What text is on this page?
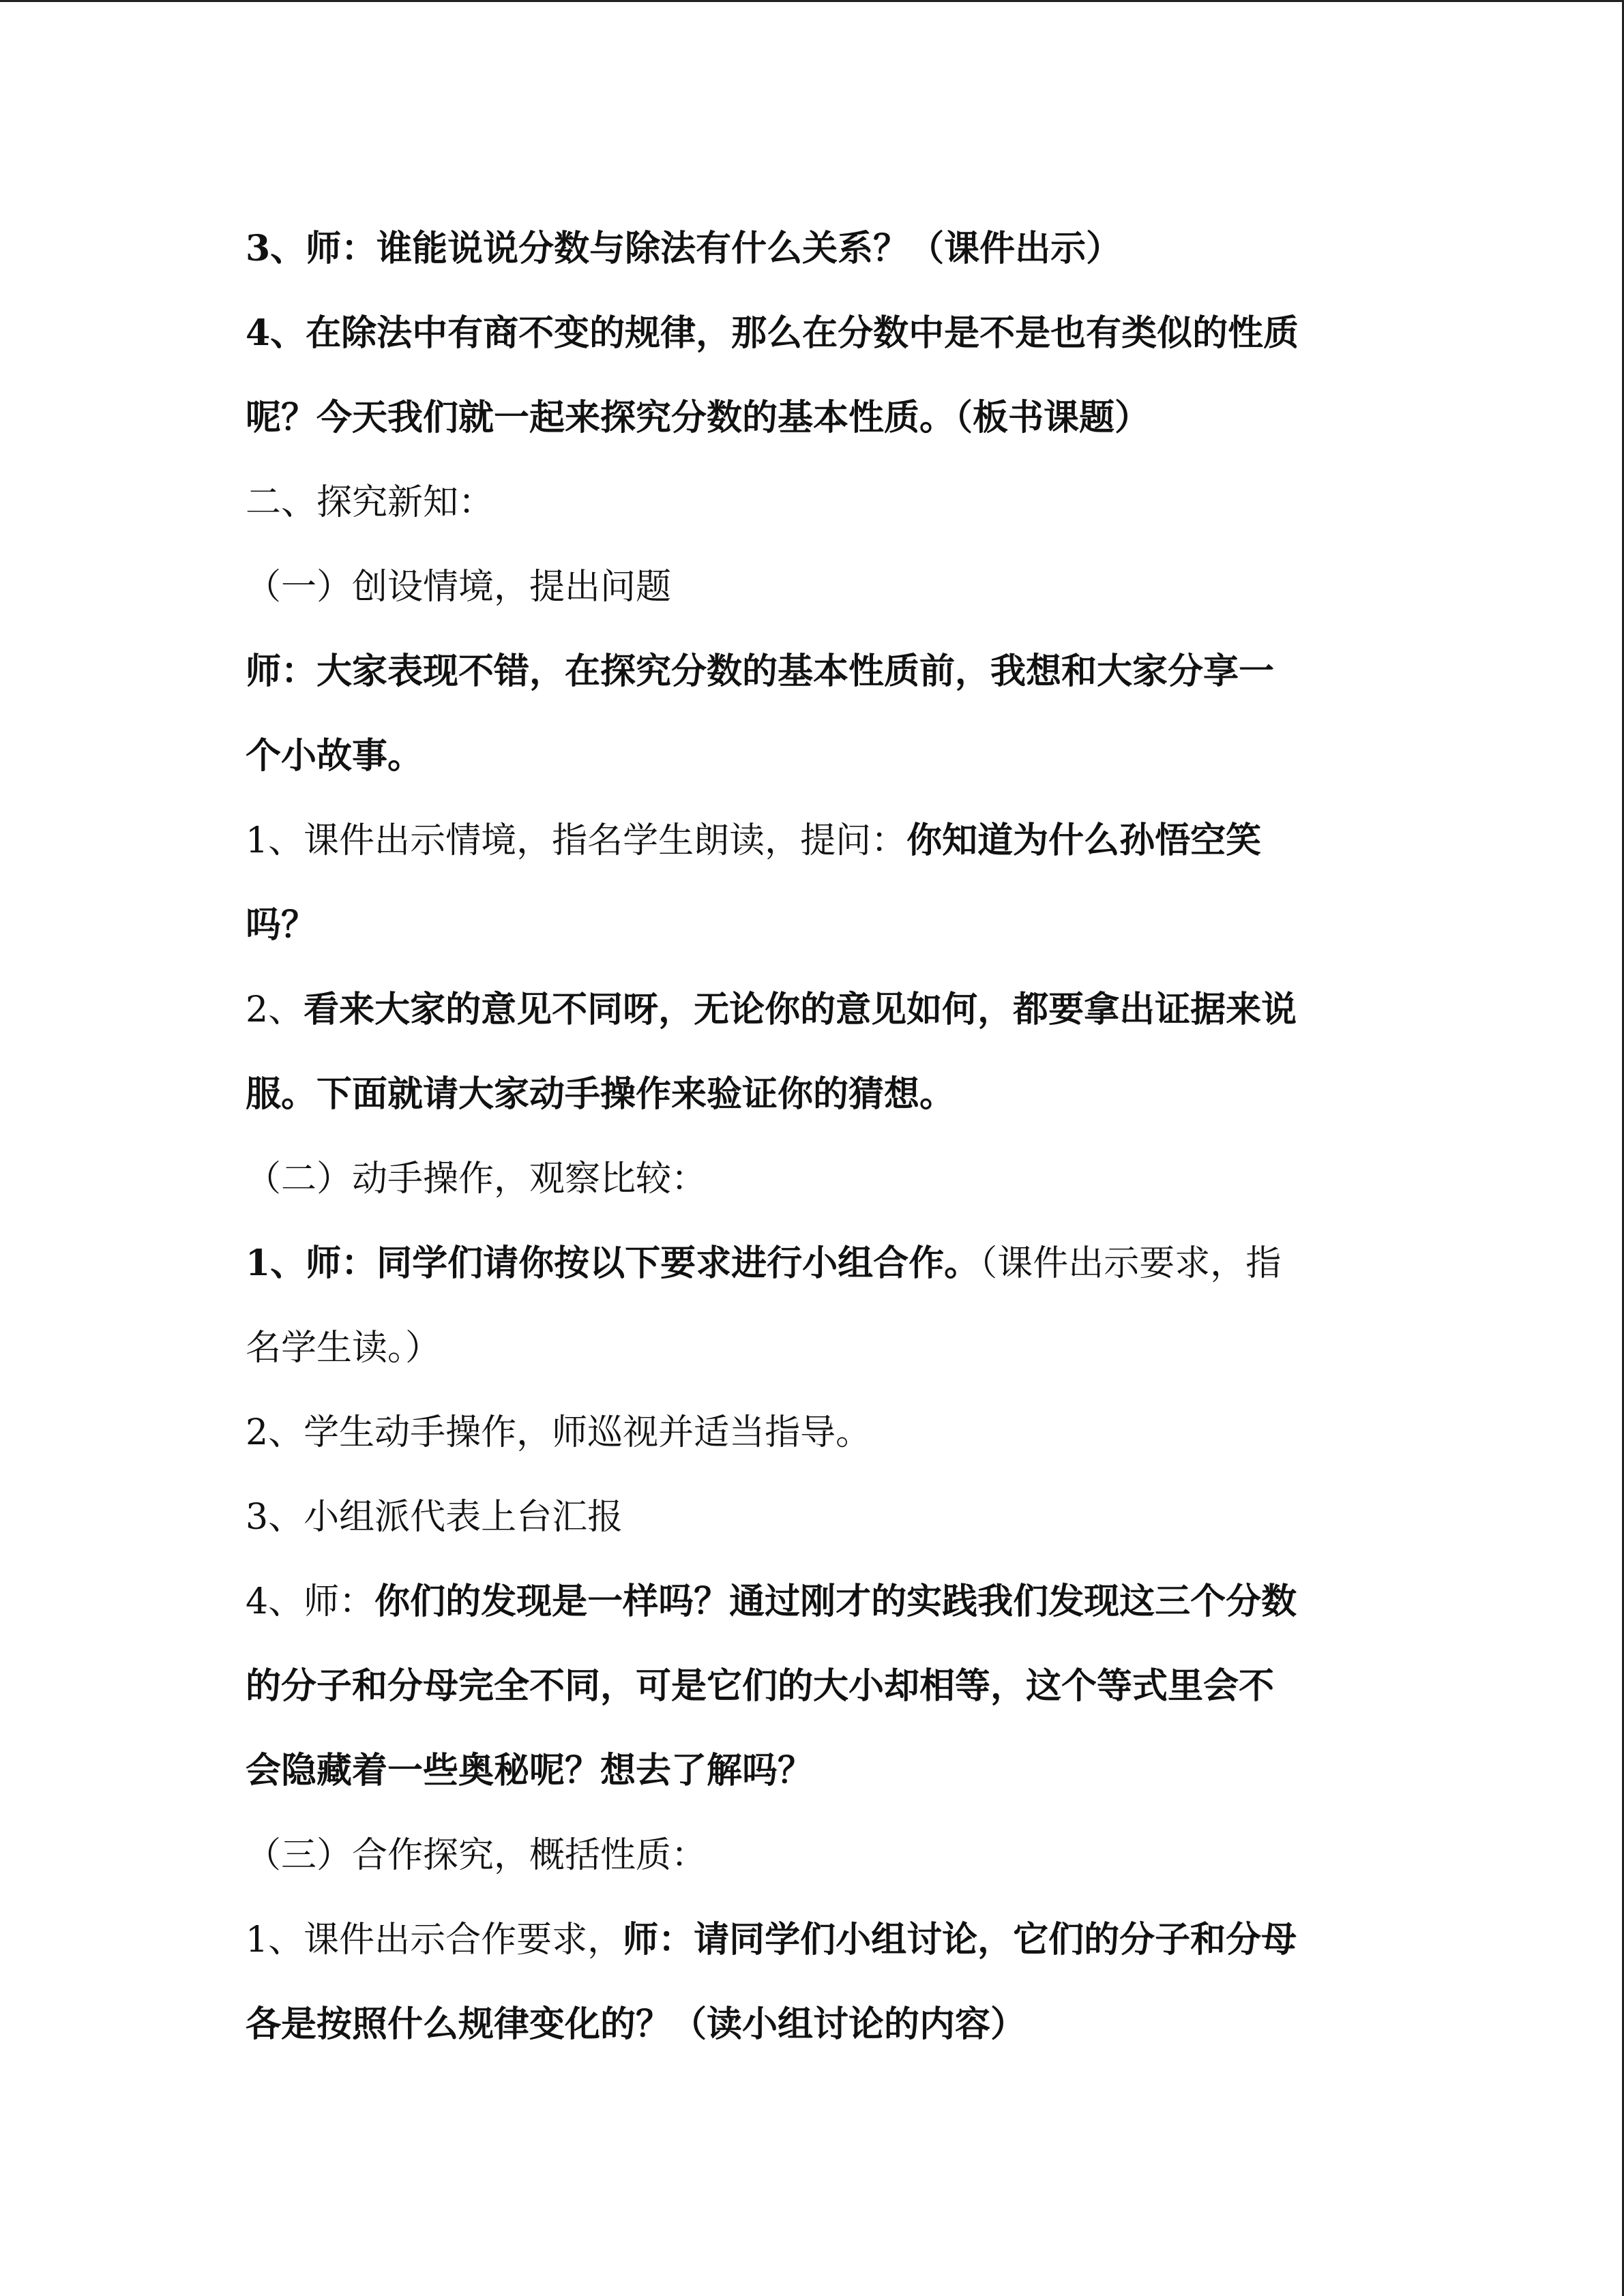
3、师：谁能说说分数与除法有什么关系？（课件出示）
4、在除法中有商不变的规律，那么在分数中是不是也有类似的性质
呢？今天我们就一起来探究分数的基本性质。（板书课题）
二、探究新知：
（一）创设情境，提出问题
师：大家表现不错，在探究分数的基本性质前，我想和大家分享一
个小故事。
1、课件出示情境，指名学生朗读，提问：你知道为什么孙悟空笑
吗？
2、看来大家的意见不同呀，无论你的意见如何，都要拿出证据来说
服。下面就请大家动手操作来验证你的猜想。
（二）动手操作，观察比较：
1、师：同学们请你按以下要求进行小组合作。（课件出示要求，指
名学生读。）
2、学生动手操作，师巡视并适当指导。
3、小组派代表上台汇报
4、师：你们的发现是一样吗？通过刚才的实践我们发现这三个分数
的分子和分母完全不同，可是它们的大小却相等，这个等式里会不
会隐藏着一些奥秘呢？想去了解吗？
（三）合作探究，概括性质：
1、课件出示合作要求，师：请同学们小组讨论，它们的分子和分母
各是按照什么规律变化的？（读小组讨论的内容）
